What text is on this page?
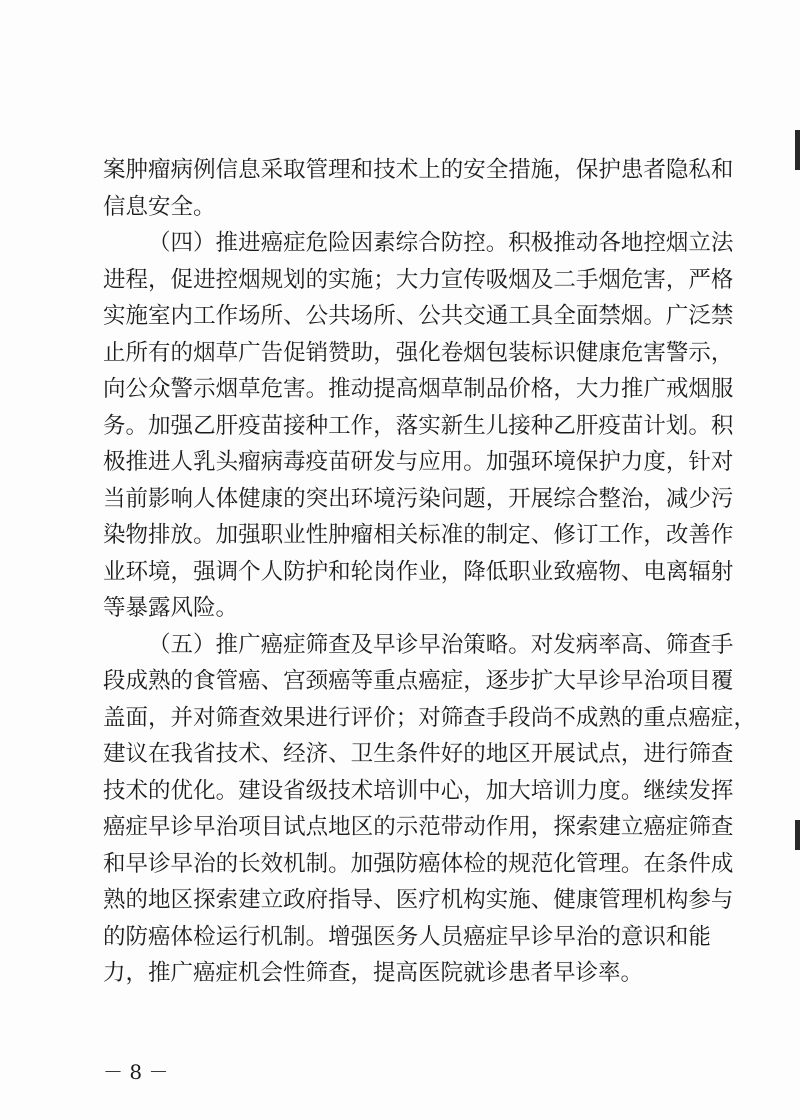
案 肿 瘤 病 例 信 息 采 取 管 理 和 技 术 上 的 安 全 措 施 ， 保 护 患 者 隐 私 和
信息安全。
（ 四 ） 推 进 癌 症 危 险 因 素 综 合 防 控 。 积 极 推 动 各 地 控 烟 立 法
进 程 ， 促 进 控 烟 规 划 的 实 施 ； 大 力 宣 传 吸 烟 及 二 手 烟 危 害 ， 严 格
实 施 室 内 工 作 场 所 、 公 共 场 所 、 公 共 交 通 工 具 全 面 禁 烟 。 广 泛 禁
止 所 有 的 烟 草 广 告 促 销 赞 助 ， 强 化 卷 烟 包 装 标 识 健 康 危 害 警 示 ，
向 公 众 警 示 烟 草 危 害 。 推 动 提 高 烟 草 制 品 价 格 ， 大 力 推 广 戒 烟 服
务 。 加 强 乙 肝 疫 苗 接 种 工 作 ， 落 实 新 生 儿 接 种 乙 肝 疫 苗 计 划 。 积
极 推 进 人 乳 头 瘤 病 毒 疫 苗 研 发 与 应 用 。 加 强 环 境 保 护 力 度 ， 针 对
当 前 影 响 人 体 健 康 的 突 出 环 境 污 染 问 题 ， 开 展 综 合 整 治 ， 减 少 污
染 物 排 放 。 加 强 职 业 性 肿 瘤 相 关 标 准 的 制 定 、 修 订 工 作 ， 改 善 作
业 环 境 ， 强 调 个 人 防 护 和 轮 岗 作 业 ， 降 低 职 业 致 癌 物 、 电 离 辐 射
等暴露风险。
（ 五 ） 推 广 癌 症 筛 查 及 早 诊 早 治 策 略 。 对 发 病 率 高 、 筛 查 手
段 成 熟 的 食 管 癌 、 宫 颈 癌 等 重 点 癌 症 ， 逐 步 扩 大 早 诊 早 治 项 目 覆
盖 面 ， 并 对 筛 查 效 果 进 行 评 价 ； 对 筛 查 手 段 尚 不 成 熟 的 重 点 癌 症 ，
建 议 在 我 省 技 术 、 经 济 、 卫 生 条 件 好 的 地 区 开 展 试 点 ， 进 行 筛 查
技 术 的 优 化 。 建 设 省 级 技 术 培 训 中 心 ， 加 大 培 训 力 度 。 继 续 发 挥
癌 症 早 诊 早 治 项 目 试 点 地 区 的 示 范 带 动 作 用 ， 探 索 建 立 癌 症 筛 查
和 早 诊 早 治 的 长 效 机 制 。 加 强 防 癌 体 检 的 规 范 化 管 理 。 在 条 件 成
熟 的 地 区 探 索 建 立 政 府 指 导 、 医 疗 机 构 实 施 、 健 康 管 理 机 构 参 与
的 防 癌 体 检 运 行 机 制 。 增 强 医 务 人 员 癌 症 早 诊 早 治 的 意 识 和 能
力，推广癌症机会性筛查，提高医院就诊患者早诊率。
－ 8 －
